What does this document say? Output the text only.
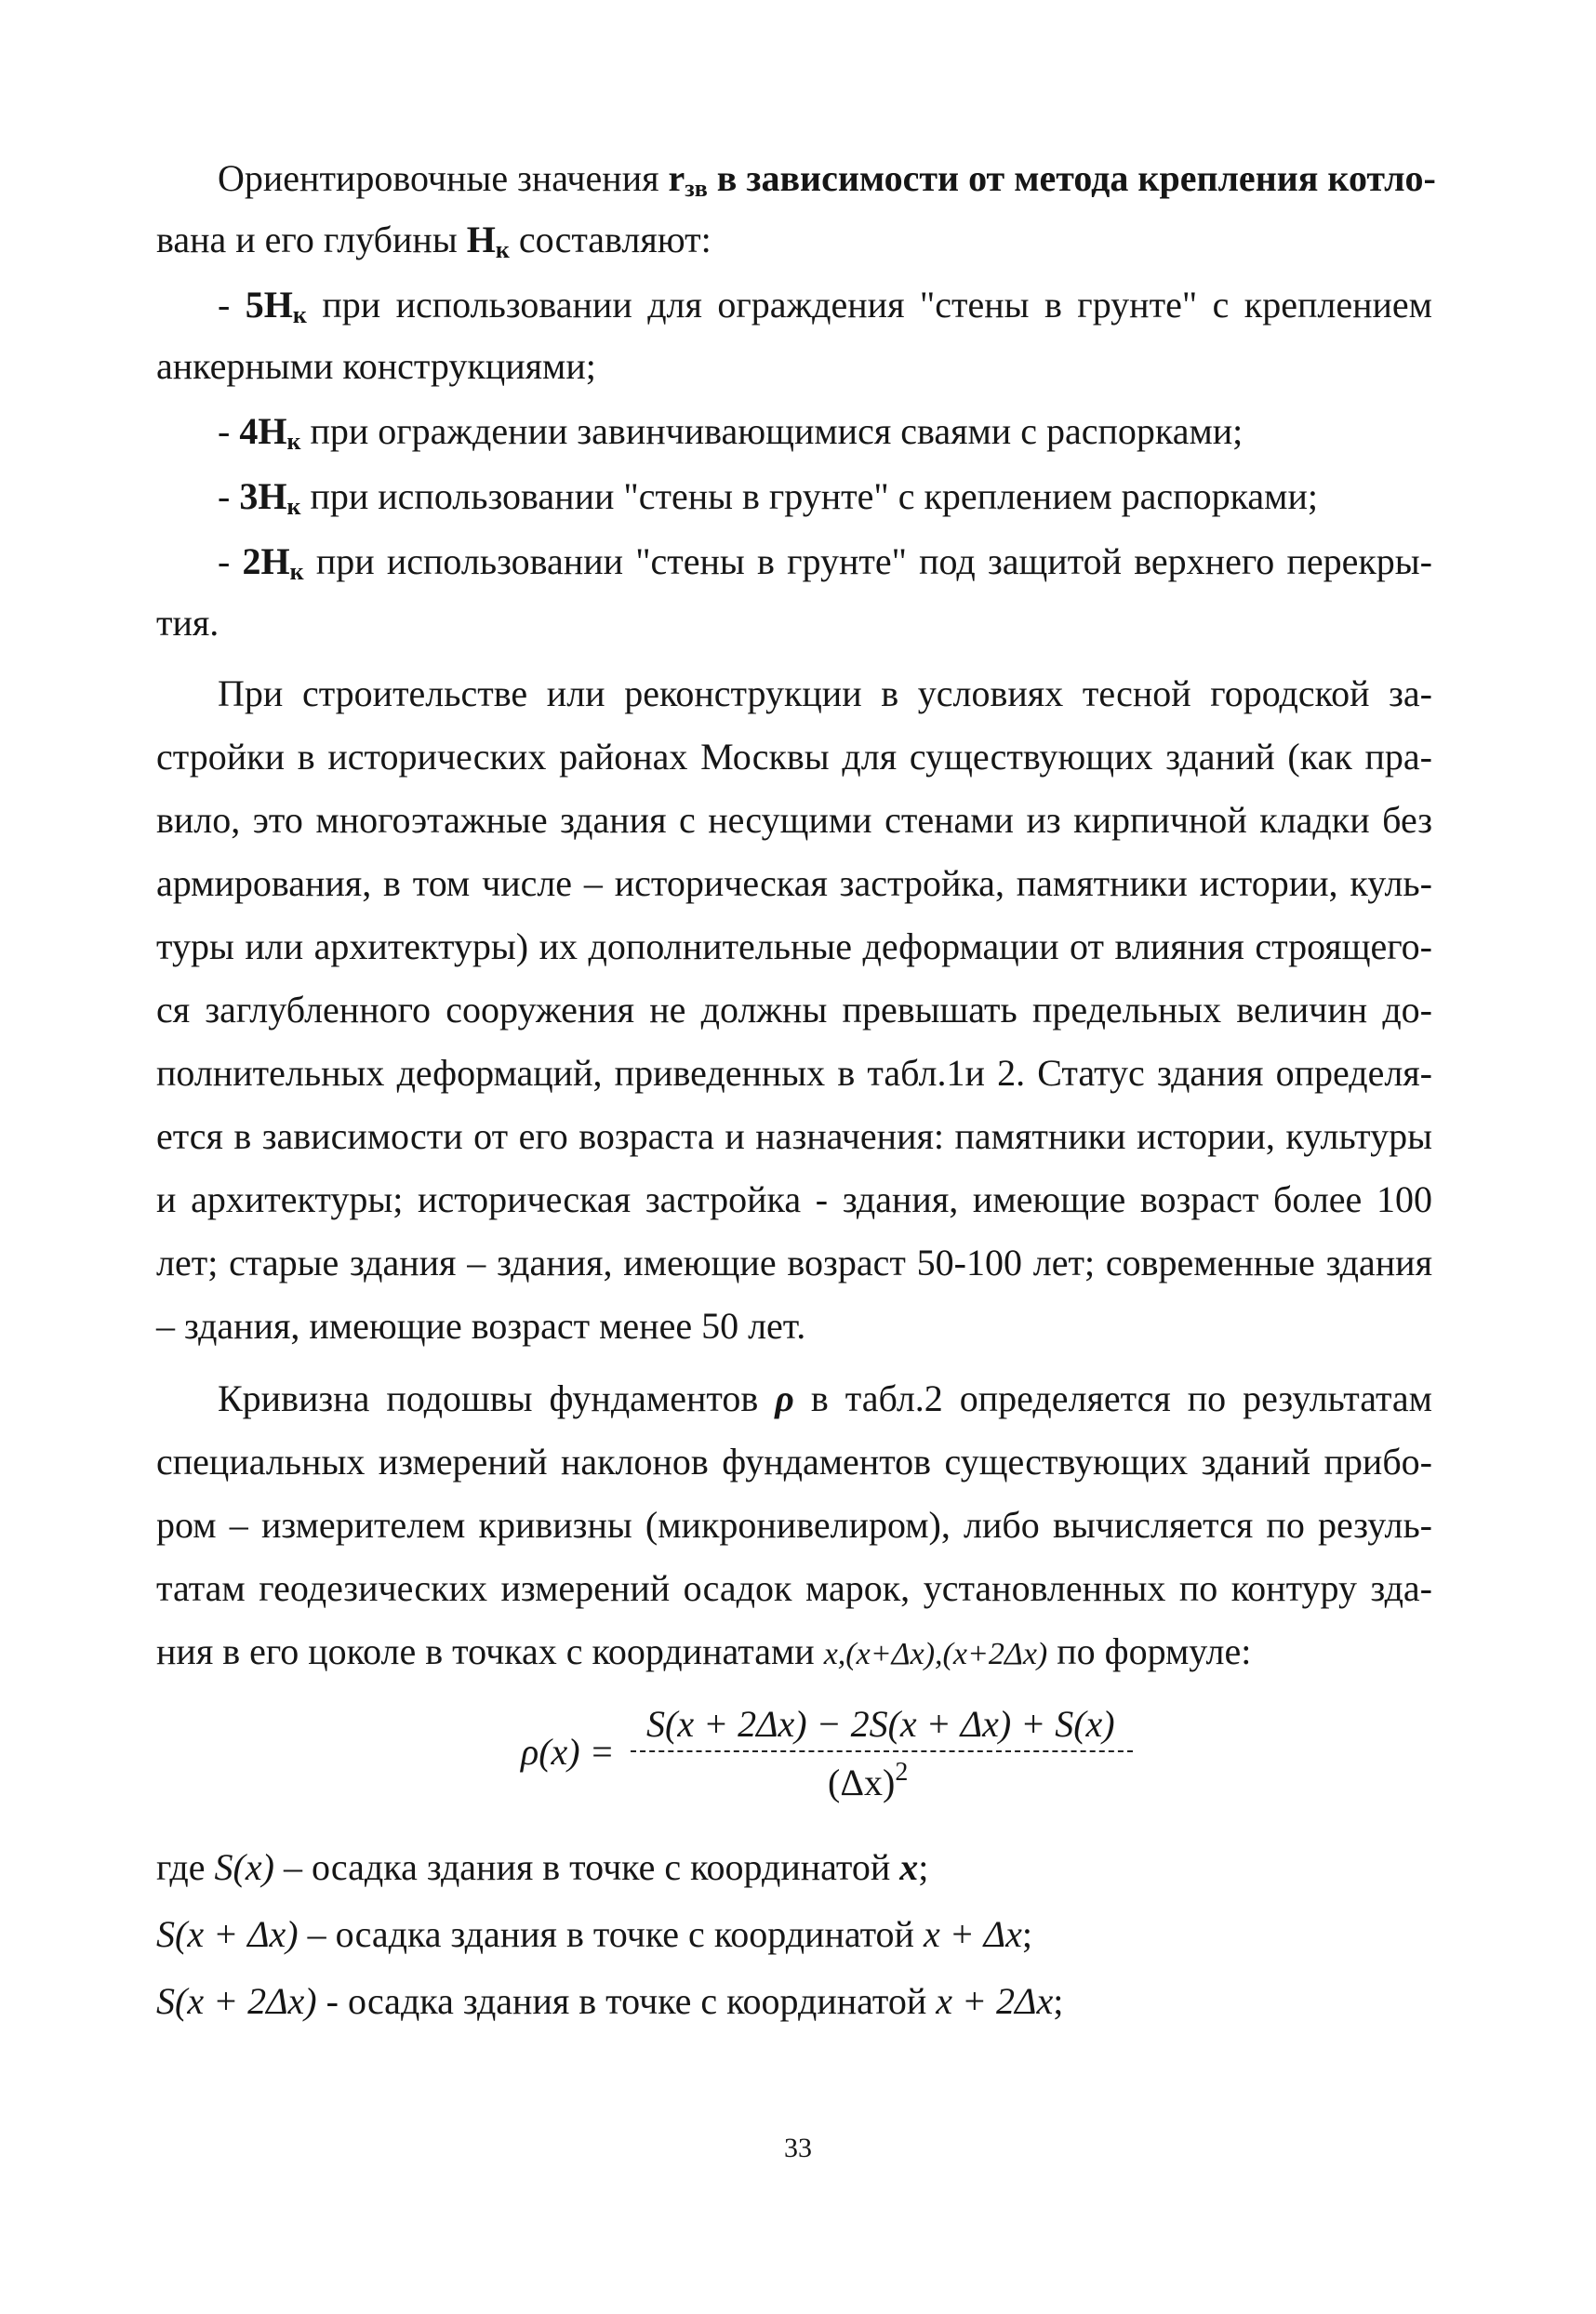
Ориентировочные значения $r_{зв}$ в зависимости от метода крепления котло-
вана и его глубины $H_к$ составляют:
- $5H_к$ при использовании для ограждения "стены в грунте" с креплением
анкерными конструкциями;
- $4H_к$ при ограждении завинчивающимися сваями с распорками;
- $3H_к$ при использовании "стены в грунте" с креплением распорками;
- $2H_к$ при использовании "стены в грунте" под защитой верхнего перекры-
тия.
При строительстве или реконструкции в условиях тесной городской за-
стройки в исторических районах Москвы для существующих зданий (как пра-
вило, это многоэтажные здания с несущими стенами из кирпичной кладки без
армирования, в том числе – историческая застройка, памятники истории, куль-
туры или архитектуры) их дополнительные деформации от влияния строящего-
ся заглубленного сооружения не должны превышать предельных величин до-
полнительных деформаций, приведенных в табл.1и 2. Статус здания определя-
ется в зависимости от его возраста и назначения: памятники истории, культуры
и архитектуры; историческая застройка - здания, имеющие возраст более 100
лет; старые здания – здания, имеющие возраст 50-100 лет; современные здания
– здания, имеющие возраст менее 50 лет.
Кривизна подошвы фундаментов ρ в табл.2 определяется по результатам
специальных измерений наклонов фундаментов существующих зданий прибо-
ром – измерителем кривизны (микронивелиром), либо вычисляется по резуль-
татам геодезических измерений осадок марок, установленных по контуру зда-
ния в его цоколе в точках с координатами x,(x+Δx),(x+2Δx) по формуле:
ρ(x) =
S(x + 2Δx) − 2S(x + Δx) + S(x)
$(\Delta x)^2$
где S(x) – осадка здания в точке с координатой x;
S(x + Δx) – осадка здания в точке с координатой x + Δx;
S(x + 2Δx) - осадка здания в точке с координатой x + 2Δx;
33
